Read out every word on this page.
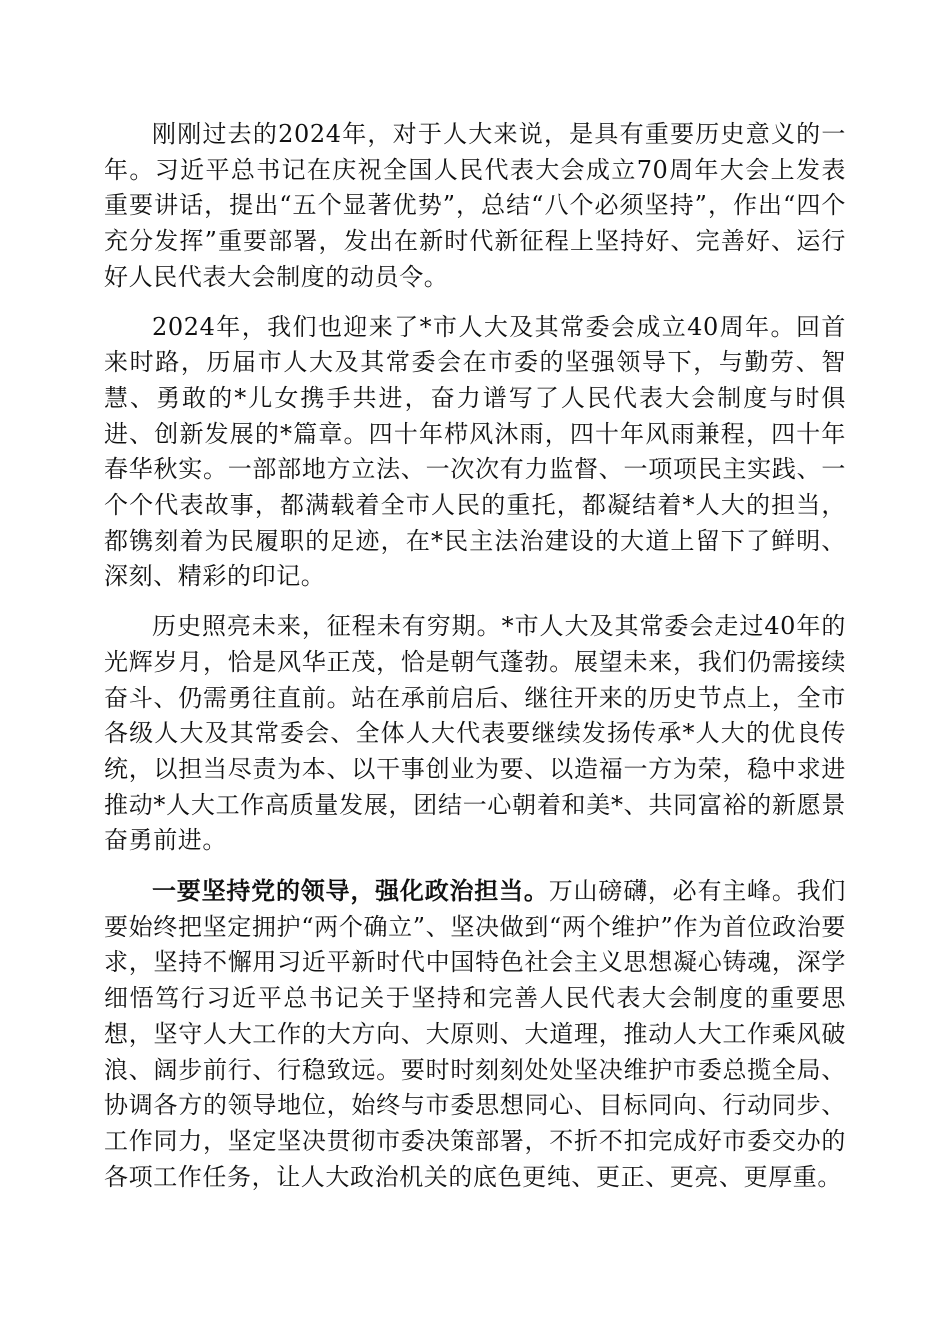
刚刚过去的2024年，对于人大来说，是具有重要历史意义的一年。习近平总书记在庆祝全国人民代表大会成立70周年大会上发表重要讲话，提出“五个显著优势”，总结“八个必须坚持”，作出“四个充分发挥”重要部署，发出在新时代新征程上坚持好、完善好、运行好人民代表大会制度的动员令。

2024年，我们也迎来了*市人大及其常委会成立40周年。回首来时路，历届市人大及其常委会在市委的坚强领导下，与勤劳、智慧、勇敢的*儿女携手共进，奋力谱写了人民代表大会制度与时俱进、创新发展的*篇章。四十年栉风沐雨，四十年风雨兼程，四十年春华秋实。一部部地方立法、一次次有力监督、一项项民主实践、一个个代表故事，都满载着全市人民的重托，都凝结着*人大的担当，都镌刻着为民履职的足迹，在*民主法治建设的大道上留下了鲜明、深刻、精彩的印记。

历史照亮未来，征程未有穷期。*市人大及其常委会走过40年的光辉岁月，恰是风华正茂，恰是朝气蓬勃。展望未来，我们仍需接续奋斗、仍需勇往直前。站在承前启后、继往开来的历史节点上，全市各级人大及其常委会、全体人大代表要继续发扬传承*人大的优良传统，以担当尽责为本、以干事创业为要、以造福一方为荣，稳中求进推动*人大工作高质量发展，团结一心朝着和美*、共同富裕的新愿景奋勇前进。

一要坚持党的领导，强化政治担当。万山磅礴，必有主峰。我们要始终把坚定拥护“两个确立”、坚决做到“两个维护”作为首位政治要求，坚持不懈用习近平新时代中国特色社会主义思想凝心铸魂，深学细悟笃行习近平总书记关于坚持和完善人民代表大会制度的重要思想，坚守人大工作的大方向、大原则、大道理，推动人大工作乘风破浪、阔步前行、行稳致远。要时时刻刻处处坚决维护市委总揽全局、协调各方的领导地位，始终与市委思想同心、目标同向、行动同步、工作同力，坚定坚决贯彻市委决策部署，不折不扣完成好市委交办的各项工作任务，让人大政治机关的底色更纯、更正、更亮、更厚重。
